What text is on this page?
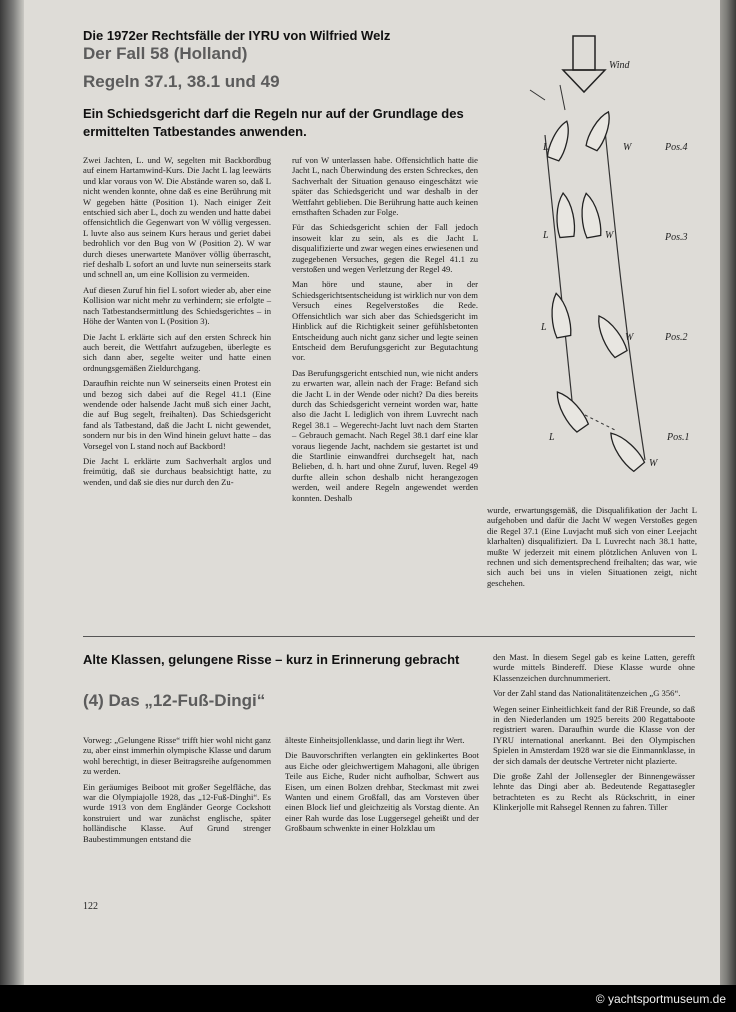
Die 1972er Rechtsfälle der IYRU von Wilfried Welz
Der Fall 58 (Holland)
Regeln 37.1, 38.1 und 49
Ein Schiedsgericht darf die Regeln nur auf der Grundlage des ermittelten Tatbestandes anwenden.

Zwei Jachten, L. und W, segelten mit Backbordbug auf einem Hartamwind-Kurs. Die Jacht L lag leewärts und klar voraus von W. Die Abstände waren so, daß L nicht wenden konnte, ohne daß es eine Berührung mit W gegeben hätte (Position 1). Nach einiger Zeit entschied sich aber L, doch zu wenden und hatte dabei offensichtlich die Gegenwart von W völlig vergessen. L luvte also aus seinem Kurs heraus und geriet dabei bedrohlich vor den Bug von W (Position 2). W war durch dieses unerwartete Manöver völlig überrascht, rief deshalb L sofort an und luvte nun seinerseits stark und schnell an, um eine Kollision zu vermeiden.

Auf diesen Zuruf hin fiel L sofort wieder ab, aber eine Kollision war nicht mehr zu verhindern; sie erfolgte – nach Tatbestandsermittlung des Schiedsgerichtes – in Höhe der Wanten von L (Position 3).

Die Jacht L erklärte sich auf den ersten Schreck hin auch bereit, die Wettfahrt aufzugeben, überlegte es sich dann aber, segelte weiter und hatte einen ordnungsgemäßen Zieldurchgang.

Daraufhin reichte nun W seinerseits einen Protest ein und bezog sich dabei auf die Regel 41.1 (Eine wendende oder halsende Jacht muß sich einer Jacht, die auf Bug segelt, freihalten). Das Schiedsgericht fand als Tatbestand, daß die Jacht L nicht gewendet, sondern nur bis in den Wind hinein geluvt hatte – das Vorsegel von L stand noch auf Backbord!

Die Jacht L erklärte zum Sachverhalt arglos und freimütig, daß sie durchaus beabsichtigt hatte, zu wenden, und daß sie dies nur durch den Zu-

ruf von W unterlassen habe. Offensichtlich hatte die Jacht L, nach Überwindung des ersten Schreckes, den Sachverhalt der Situation genauso eingeschätzt wie später das Schiedsgericht und war deshalb in der Wettfahrt geblieben. Die Berührung hatte auch keinen ernsthaften Schaden zur Folge.

Für das Schiedsgericht schien der Fall jedoch insoweit klar zu sein, als es die Jacht L disqualifizierte und zwar wegen eines erwiesenen und zugegebenen Versuches, gegen die Regel 41.1 zu verstoßen und wegen Verletzung der Regel 49.

Man höre und staune, aber in der Schiedsgerichtsentscheidung ist wirklich nur von dem Versuch eines Regelverstoßes die Rede. Offensichtlich war sich aber das Schiedsgericht im Hinblick auf die Richtigkeit seiner gefühlsbetonten Entscheidung auch nicht ganz sicher und legte seinen Entscheid dem Berufungsgericht zur Begutachtung vor.

Das Berufungsgericht entschied nun, wie nicht anders zu erwarten war, allein nach der Frage: Befand sich die Jacht L in der Wende oder nicht? Da dies bereits durch das Schiedsgericht verneint worden war, hatte also die Jacht L lediglich von ihrem Luvrecht nach Regel 38.1 – Wegerecht-Jacht luvt nach dem Starten – Gebrauch gemacht. Nach Regel 38.1 darf eine klar voraus liegende Jacht, nachdem sie gestartet ist und die Startlinie einwandfrei durchsegelt hat, nach Belieben, d. h. hart und ohne Zuruf, luven. Regel 49 durfte allein schon deshalb nicht herangezogen werden, weil andere Regeln angewendet werden konnten. Deshalb

wurde, erwartungsgemäß, die Disqualifikation der Jacht L aufgehoben und dafür die Jacht W wegen Verstoßes gegen die Regel 37.1 (Eine Luvjacht muß sich von einer Leejacht klarhalten) disqualifiziert. Da L Luvrecht nach 38.1 hatte, mußte W jederzeit mit einem plötzlichen Anluven von L rechnen und sich dementsprechend freihalten; das war, wie sich auch bei uns in vielen Situationen zeigt, nicht geschehen.

Wind
L	W	Pos.4
L	W	Pos.3
L
W	Pos.2
L
W
Pos.1
Alte Klassen, gelungene Risse – kurz in Erinnerung gebracht
(4) Das „12-Fuß-Dingi“

Vorweg: „Gelungene Risse“ trifft hier wohl nicht ganz zu, aber einst immerhin olympische Klasse und darum wohl berechtigt, in dieser Beitragsreihe aufgenommen zu werden.

Ein geräumiges Beiboot mit großer Segelfläche, das war die Olympiajolle 1928, das „12-Fuß-Dinghi“. Es wurde 1913 von dem Engländer George Cockshott konstruiert und war zunächst englische, später holländische Klasse. Auf Grund strenger Baubestimmungen entstand die

älteste Einheitsjollenklasse, und darin liegt ihr Wert.

Die Bauvorschriften verlangten ein geklinkertes Boot aus Eiche oder gleichwertigem Mahagoni, alle übrigen Teile aus Eiche, Ruder nicht aufholbar, Schwert aus Eisen, um einen Bolzen drehbar, Steckmast mit zwei Wanten und einem Großfall, das am Vorsteven über einen Block lief und gleichzeitig als Vorstag diente. An einer Rah wurde das lose Luggersegel geheißt und der Großbaum schwenkte in einer Holzklau um

den Mast. In diesem Segel gab es keine Latten, gerefft wurde mittels Bindereff. Diese Klasse wurde ohne Klassenzeichen durchnummeriert.

Vor der Zahl stand das Nationalitätenzeichen „G 356“.

Wegen seiner Einheitlichkeit fand der Riß Freunde, so daß in den Niederlanden um 1925 bereits 200 Regattaboote registriert waren. Daraufhin wurde die Klasse von der IYRU international anerkannt. Bei den Olympischen Spielen in Amsterdam 1928 war sie die Einmannklasse, in der sich damals der deutsche Vertreter nicht plazierte.

Die große Zahl der Jollensegler der Binnengewässer lehnte das Dingi aber ab. Bedeutende Regattasegler betrachteten es zu Recht als Rückschritt, in einer Klinkerjolle mit Rahsegel Rennen zu fahren. Tiller

122
© yachtsportmuseum.de
